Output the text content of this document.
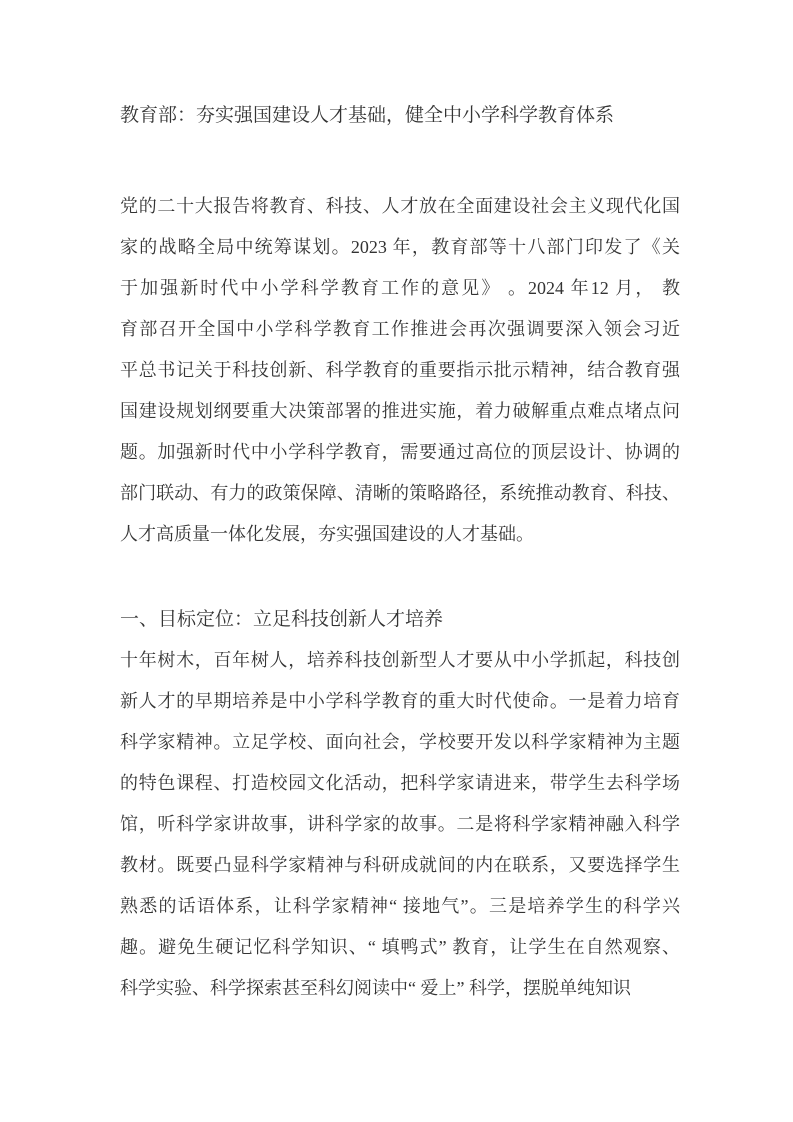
教育部：夯实强国建设人才基础，健全中小学科学教育体系
党的二十大报告将教育、科技、人才放在全面建设社会主义现代化国
家的战略全局中统筹谋划。2023 年，教育部等十八部门印发了《关
于加强新时代中小学科学教育工作的意见》 。2024 年12 月， 教
育部召开全国中小学科学教育工作推进会再次强调要深入领会习近
平总书记关于科技创新、科学教育的重要指示批示精神，结合教育强
国建设规划纲要重大决策部署的推进实施，着力破解重点难点堵点问
题。加强新时代中小学科学教育，需要通过高位的顶层设计、协调的
部门联动、有力的政策保障、清晰的策略路径，系统推动教育、科技、
人才高质量一体化发展，夯实强国建设的人才基础。
一、目标定位：立足科技创新人才培养
十年树木，百年树人，培养科技创新型人才要从中小学抓起，科技创
新人才的早期培养是中小学科学教育的重大时代使命。一是着力培育
科学家精神。立足学校、面向社会，学校要开发以科学家精神为主题
的特色课程、打造校园文化活动，把科学家请进来，带学生去科学场
馆，听科学家讲故事，讲科学家的故事。二是将科学家精神融入科学
教材。既要凸显科学家精神与科研成就间的内在联系，又要选择学生
熟悉的话语体系，让科学家精神“ 接地气”。三是培养学生的科学兴
趣。避免生硬记忆科学知识、“ 填鸭式” 教育，让学生在自然观察、
科学实验、科学探索甚至科幻阅读中“ 爱上” 科学，摆脱单纯知识
